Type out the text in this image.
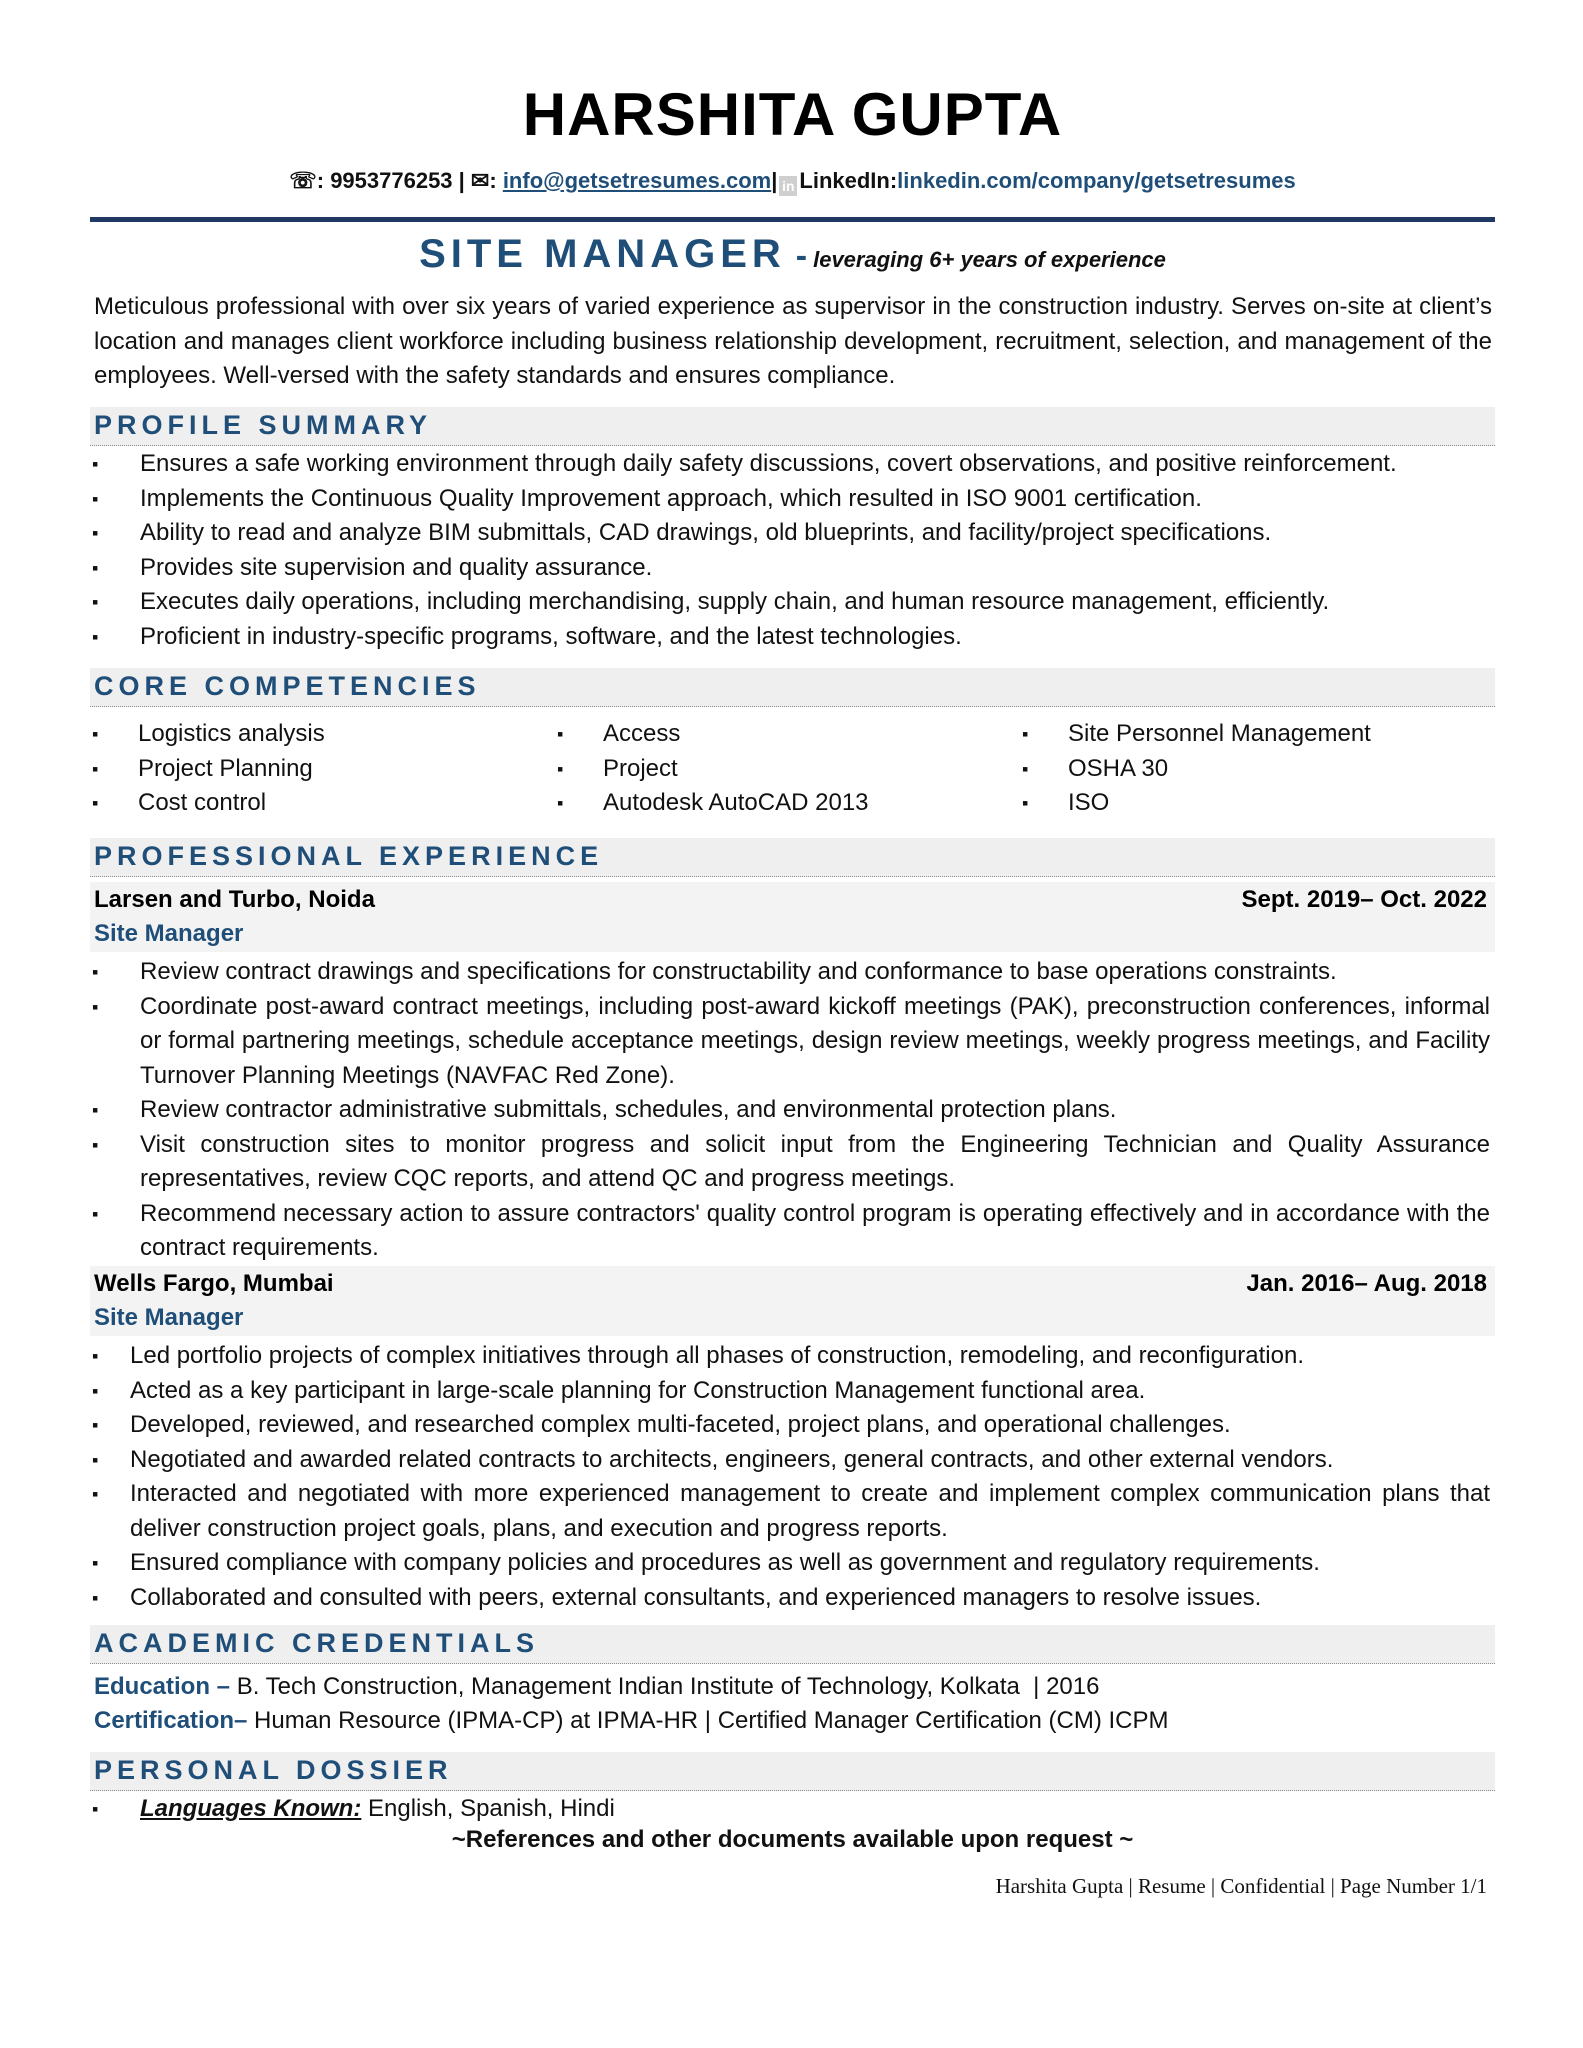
HARSHITA GUPTA
☏: 9953776253 | ✉: info@getsetresumes.com| in LinkedIn:linkedin.com/company/getsetresumes
SITE MANAGER - leveraging 6+ years of experience
Meticulous professional with over six years of varied experience as supervisor in the construction industry. Serves on-site at client’s location and manages client workforce including business relationship development, recruitment, selection, and management of the employees. Well-versed with the safety standards and ensures compliance.
PROFILE SUMMARY
▪ Ensures a safe working environment through daily safety discussions, covert observations, and positive reinforcement.
▪ Implements the Continuous Quality Improvement approach, which resulted in ISO 9001 certification.
▪ Ability to read and analyze BIM submittals, CAD drawings, old blueprints, and facility/project specifications.
▪ Provides site supervision and quality assurance.
▪ Executes daily operations, including merchandising, supply chain, and human resource management, efficiently.
▪ Proficient in industry-specific programs, software, and the latest technologies.
CORE COMPETENCIES
▪ Logistics analysis
▪ Project Planning
▪ Cost control
▪ Access
▪ Project
▪ Autodesk AutoCAD 2013
▪ Site Personnel Management
▪ OSHA 30
▪ ISO
PROFESSIONAL EXPERIENCE
Larsen and Turbo, Noida	Sept. 2019– Oct. 2022
Site Manager
▪ Review contract drawings and specifications for constructability and conformance to base operations constraints.
▪ Coordinate post-award contract meetings, including post-award kickoff meetings (PAK), preconstruction conferences, informal or formal partnering meetings, schedule acceptance meetings, design review meetings, weekly progress meetings, and Facility Turnover Planning Meetings (NAVFAC Red Zone).
▪ Review contractor administrative submittals, schedules, and environmental protection plans.
▪ Visit construction sites to monitor progress and solicit input from the Engineering Technician and Quality Assurance representatives, review CQC reports, and attend QC and progress meetings.
▪ Recommend necessary action to assure contractors' quality control program is operating effectively and in accordance with the contract requirements.
Wells Fargo, Mumbai	Jan. 2016– Aug. 2018
Site Manager
▪ Led portfolio projects of complex initiatives through all phases of construction, remodeling, and reconfiguration.
▪ Acted as a key participant in large-scale planning for Construction Management functional area.
▪ Developed, reviewed, and researched complex multi-faceted, project plans, and operational challenges.
▪ Negotiated and awarded related contracts to architects, engineers, general contracts, and other external vendors.
▪ Interacted and negotiated with more experienced management to create and implement complex communication plans that deliver construction project goals, plans, and execution and progress reports.
▪ Ensured compliance with company policies and procedures as well as government and regulatory requirements.
▪ Collaborated and consulted with peers, external consultants, and experienced managers to resolve issues.
ACADEMIC CREDENTIALS
Education – B. Tech Construction, Management Indian Institute of Technology, Kolkata  | 2016
Certification– Human Resource (IPMA-CP) at IPMA-HR | Certified Manager Certification (CM) ICPM
PERSONAL DOSSIER
▪ Languages Known: English, Spanish, Hindi
~References and other documents available upon request ~
Harshita Gupta | Resume | Confidential | Page Number 1/1
